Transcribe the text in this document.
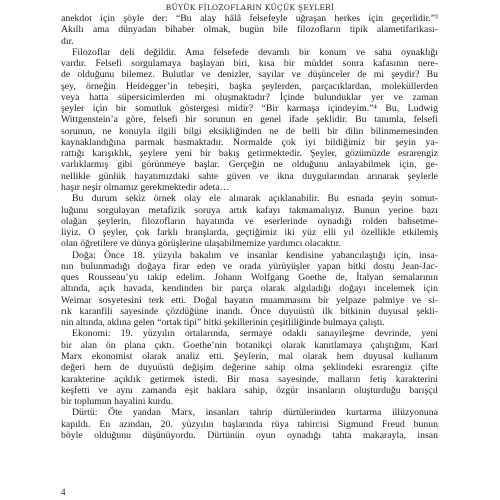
BÜYÜK FİLOZOFLARIN KÜÇÜK ŞEYLERİ
anekdot için şöyle der: “Bu alay hâlâ felsefeyle uğraşan herkes için geçerlidir.”³
Akıllı ama dünyadan bihaber olmak, bugün bile filozofların tipik alametifarikası-
dır.
Filozoflar deli değildir. Ama felsefede devamlı bir konum ve saha oynaklığı
vardır. Felsefi sorgulamaya başlayan biri, kısa bir müddet sonra kafasının nere-
de olduğunu bilemez. Bulutlar ve denizler, sayılar ve düşünceler de mi şeydir? Bu
şey, örneğin Heidegger’in tebeşiri, başka şeylerden, parçacıklardan, moleküllerden
veya hatta süpersicimlerden mi oluşmaktadır? İçinde bulunduklar yer ve zaman
şeyler için bir somutluk göstergesi midir? “Bir karmaşa içindeyim.”⁴ Bu, Ludwig
Wittgenstein’a göre, felsefi bir sorunun en genel ifade şeklidir. Bu tanımla, felsefi
sorunun, ne konuyla ilgili bilgi eksikliğinden ne de belli bir dilin bilinmemesinden
kaynaklandığına parmak basmaktadır. Normalde çok iyi bildiğimiz bir şeyin ya-
rattığı karışıklık, şeylere yeni bir bakış getirmektedir. Şeyler, gözümüzde esrarengiz
varlıklarmış gibi görünmeye başlar. Gerçeğin ne olduğunu anlayabilmek için, ge-
nellikle günlük hayatımızdaki sahte güven ve ikna duygularından arınarak şeylerle
haşır neşir olmamız gerekmektedir adeta…
Bu durum sekiz örnek olay ele alınarak açıklanabilir. Bu esnada şeyin somut-
luğunu sorgulayan metafizik soruya artık kafayı takmamalıyız. Bunun yerine bazı
olağan şeylerin, filozofların hayatında ve eserlerinde oynadığı rolden bahsetme-
liyiz. O şeyler, çok farklı branşlarda, geçtiğimiz iki yüz elli yıl özellikle etkilemiş
olan öğretilere ve dünya görüşlerine ulaşabilmemize yardımcı olacaktır.
Doğa: Önce 18. yüzyıla bakalım ve insanlar kendisine yabancılaştığı için, insa-
nın bulunmadığı doğaya firar eden ve orada yürüyüşler yapan bitki dostu Jean-Jac-
ques Rousseau’yu takip edelim. Johann Wolfgang Goethe de, İtalyan semalarının
altında, açık havada, kendinden bir parça olarak algıladığı doğayı incelemek için
Weimar sosyetesini terk etti. Doğal hayatın muammasını bir yelpaze palmiye ve si-
rık karanfili sayesinde çözdüğüne inandı. Önce duyuüstü ilk bitkinin duyusal şekli-
nin altında, aklına gelen “ortak tipi” bitki şekillerinin çeşitliliğinde bulmaya çalıştı.
Ekonomi: 19. yüzyılın ortalarında, sermaye odaklı sanayileşme devrinde, yeni
bir alan ön plana çıktı. Goethe’nin botanikçi olarak kanıtlamaya çalıştığını, Karl
Marx ekonomist olarak analiz etti. Şeylerin, mal olarak hem duyusal kullanım
değeri hem de duyuüstü değişim değerine sahip olma şeklindeki esrarengiz çifte
karakterine açıklık getirmek istedi. Bir masa sayesinde, malların fetiş karakterini
keşfetti ve aynı zamanda eşit haklara sahip, özgür insanların oluşturduğu barışçıl
bir toplumun hayalini kurdu.
Dürtü: Öte yandan Marx, insanları tahrip dürtülerinden kurtarma illüzyonuna
kapıldı. En azından, 20. yüzyılın başlarında rüya tabircisi Sigmund Freud bunun
böyle olduğunu düşünüyordu. Dürtünün oyun oynadığı tahta makarayla, insan
4
